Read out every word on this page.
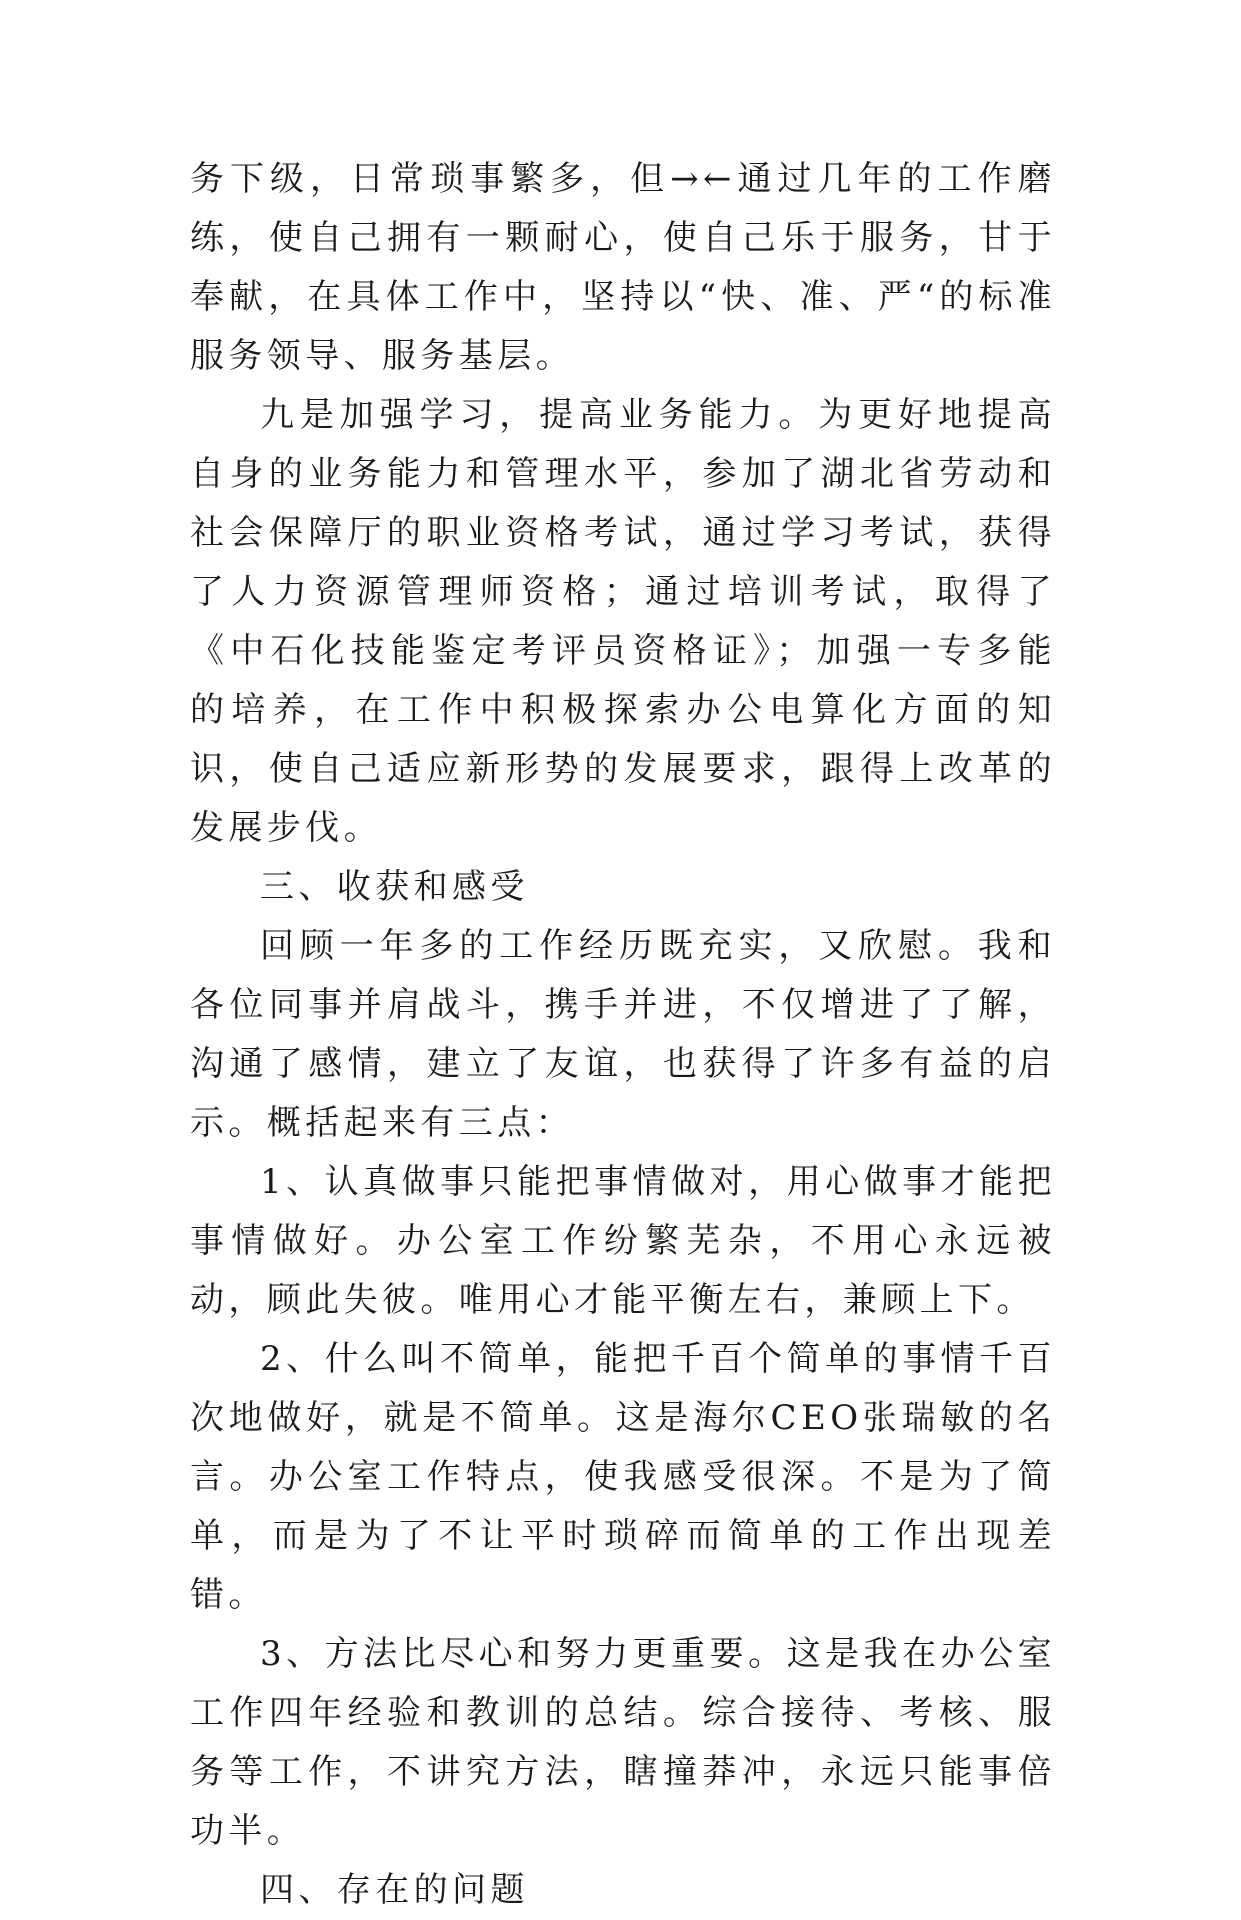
务下级，日常琐事繁多，但→←通过几年的工作磨练，使自己拥有一颗耐心，使自己乐于服务，甘于奉献，在具体工作中，坚持以“快、准、严“的标准服务领导、服务基层。

九是加强学习，提高业务能力。为更好地提高自身的业务能力和管理水平，参加了湖北省劳动和社会保障厅的职业资格考试，通过学习考试，获得了人力资源管理师资格；通过培训考试，取得了《中石化技能鉴定考评员资格证》；加强一专多能的培养，在工作中积极探索办公电算化方面的知识，使自己适应新形势的发展要求，跟得上改革的发展步伐。

三、收获和感受

回顾一年多的工作经历既充实，又欣慰。我和各位同事并肩战斗，携手并进，不仅增进了了解，沟通了感情，建立了友谊，也获得了许多有益的启示。概括起来有三点：

1、认真做事只能把事情做对，用心做事才能把事情做好。办公室工作纷繁芜杂，不用心永远被动，顾此失彼。唯用心才能平衡左右，兼顾上下。

2、什么叫不简单，能把千百个简单的事情千百次地做好，就是不简单。这是海尔CEO张瑞敏的名言。办公室工作特点，使我感受很深。不是为了简单，而是为了不让平时琐碎而简单的工作出现差错。

3、方法比尽心和努力更重要。这是我在办公室工作四年经验和教训的总结。综合接待、考核、服务等工作，不讲究方法，瞎撞莽冲，永远只能事倍功半。

四、存在的问题
